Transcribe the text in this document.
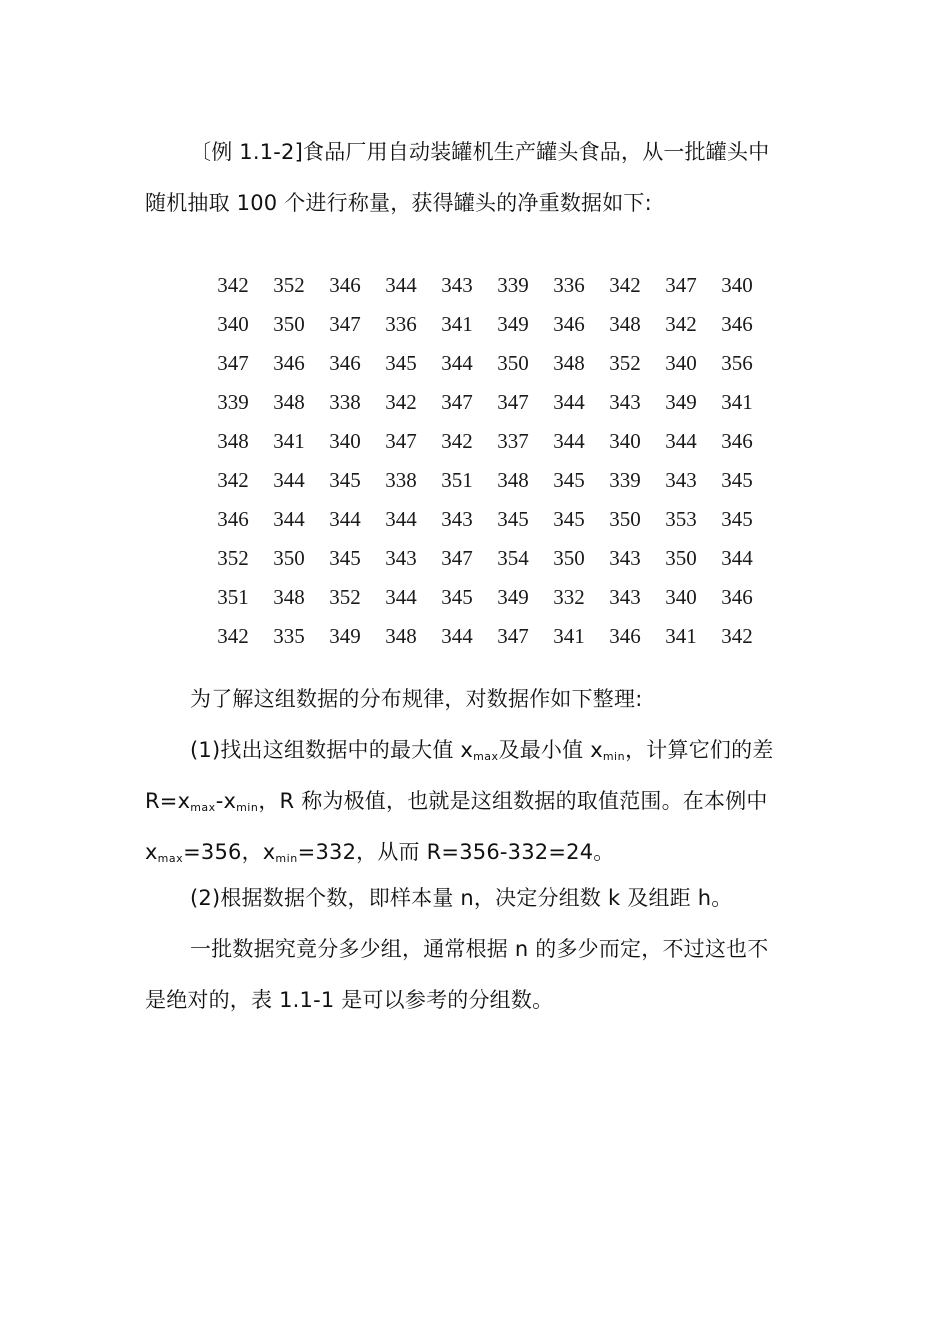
〔例 1.1-2]食品厂用自动装罐机生产罐头食品，从一批罐头中

随机抽取 100 个进行称量，获得罐头的净重数据如下:

342	352	346	344	343	339	336	342	347	340
340	350	347	336	341	349	346	348	342	346
347	346	346	345	344	350	348	352	340	356
339	348	338	342	347	347	344	343	349	341
348	341	340	347	342	337	344	340	344	346
342	344	345	338	351	348	345	339	343	345
346	344	344	344	343	345	345	350	353	345
352	350	345	343	347	354	350	343	350	344
351	348	352	344	345	349	332	343	340	346
342	335	349	348	344	347	341	346	341	342

为了解这组数据的分布规律，对数据作如下整理:

(1)找出这组数据中的最大值 $x_{max}$及最小值 $x_{min}$，计算它们的差

$R=x_{max}-x_{min}$，R 称为极值，也就是这组数据的取值范围。在本例中

$x_{max}=356$，$x_{min}=332$，从而 R=356-332=24。

(2)根据数据个数，即样本量 n，决定分组数 k 及组距 h。

一批数据究竟分多少组，通常根据 n 的多少而定，不过这也不

是绝对的，表 1.1-1 是可以参考的分组数。
